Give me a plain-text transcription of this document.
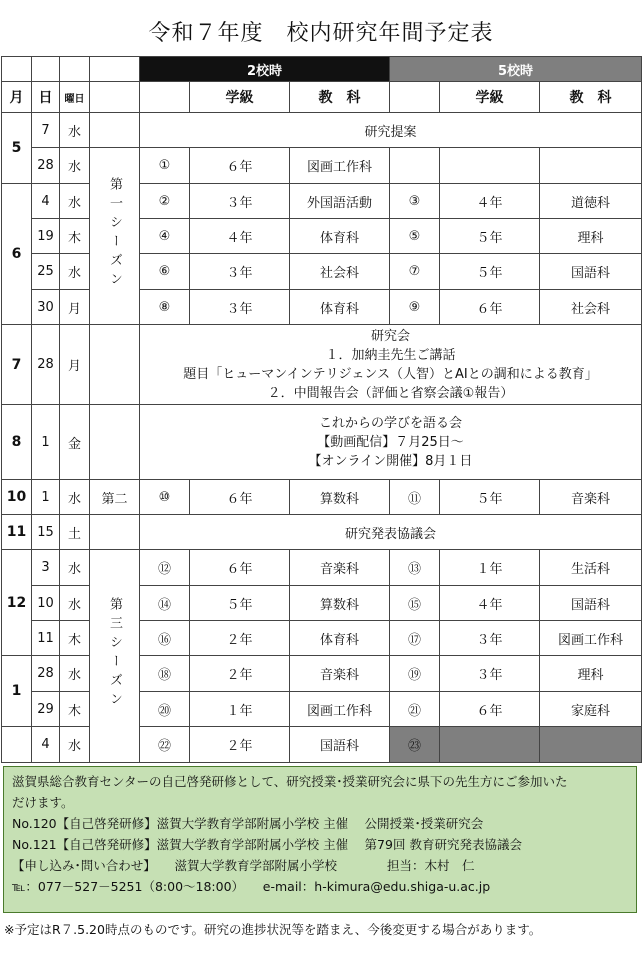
令和７年度　校内研究年間予定表
				2校時			5校時		
月	日	曜日			学級	教　科		学級	教　科
5	7	水		研究提案					
	28	水	第一シーズン	①	６年	図画工作科			
6	4	水		②	３年	外国語活動	③	４年	道徳科
	19	木		④	４年	体育科	⑤	５年	理科
	25	水		⑥	３年	社会科	⑦	５年	国語科
	30	月		⑧	３年	体育科	⑨	６年	社会科
7	28	月		研究会
１．加納圭先生ご講話
題目「ヒューマンインテリジェンス（人智）とAIとの調和による教育」
２．中間報告会（評価と省察会議①報告）					

8	1	金		これからの学びを語る会
【動画配信】７月25日～
【オンライン開催】8月１日					

10	1	水	第二	⑩	６年	算数科	⑪	５年	音楽科
11	15	土		研究発表協議会					
12	3	水	第三シーズン	⑫	６年	音楽科	⑬	１年	生活科
	10	水		⑭	５年	算数科	⑮	４年	国語科
	11	木		⑯	２年	体育科	⑰	３年	図画工作科
1	28	水		⑱	２年	音楽科	⑲	３年	理科
	29	木		⑳	１年	図画工作科	㉑	６年	家庭科
	4	水		㉒	２年	国語科	㉓		
滋賀県総合教育センターの自己啓発研修として、研究授業･授業研究会に県下の先生方にご参加いた
だけます。
No.120【自己啓発研修】滋賀大学教育学部附属小学校 主催　 公開授業･授業研究会
No.121【自己啓発研修】滋賀大学教育学部附属小学校 主催　 第79回 教育研究発表協議会
【申し込み･問い合わせ】　　滋賀大学教育学部附属小学校　　　　担当：木村　仁
℡：077－527－5251（8:00～18:00）　　e-mail：h-kimura@edu.shiga-u.ac.jp
※予定はR７.5.20時点のものです。研究の進捗状況等を踏まえ、今後変更する場合があります。
